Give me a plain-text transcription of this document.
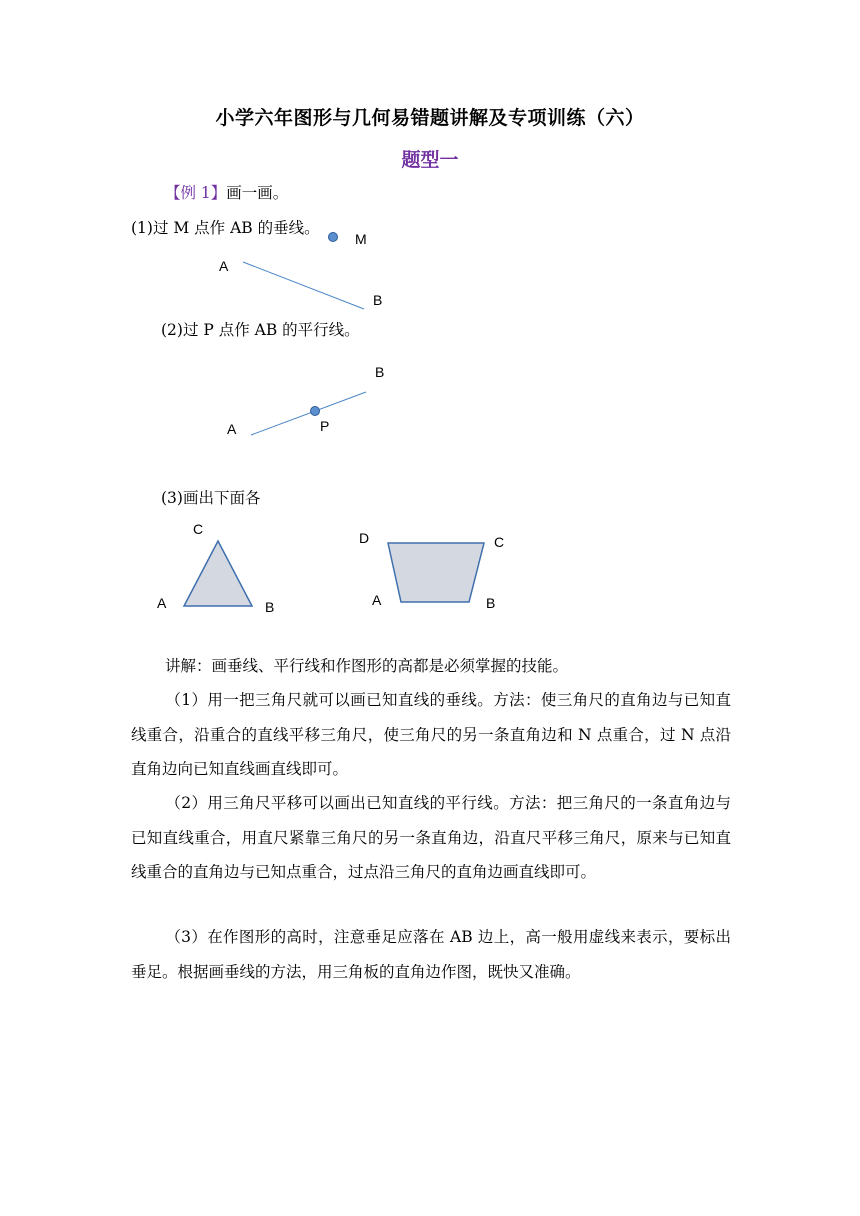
小学六年图形与几何易错题讲解及专项训练（六）
题型一
【例 1】画一画。
(1)过 M 点作 AB 的垂线。
A
B
M
(2)过 P 点作 AB 的平行线。
B
A	P
(3)画出下面各
C
A	B
D	C
A	B
讲解：画垂线、平行线和作图形的高都是必须掌握的技能。
（1）用一把三角尺就可以画已知直线的垂线。方法：使三角尺的直角边与已知直线重合，沿重合的直线平移三角尺，使三角尺的另一条直角边和 N 点重合，过 N 点沿直角边向已知直线画直线即可。
（2）用三角尺平移可以画出已知直线的平行线。方法：把三角尺的一条直角边与已知直线重合，用直尺紧靠三角尺的另一条直角边，沿直尺平移三角尺，原来与已知直线重合的直角边与已知点重合，过点沿三角尺的直角边画直线即可。
（3）在作图形的高时，注意垂足应落在 AB 边上，高一般用虚线来表示，要标出垂足。根据画垂线的方法，用三角板的直角边作图，既快又准确。
